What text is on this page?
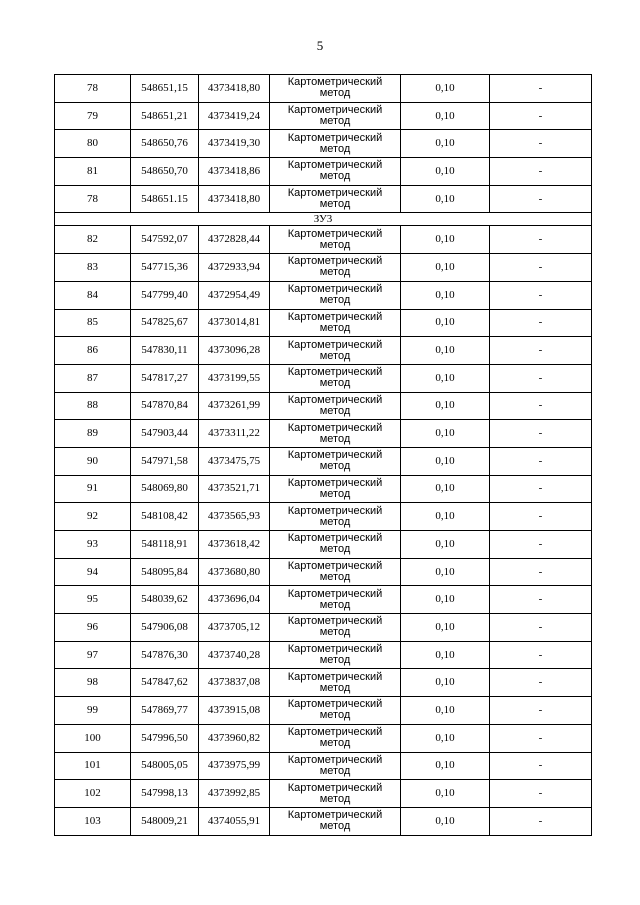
5
78	548651,15	4373418,80	Картометрический
метод	0,10	-
79	548651,21	4373419,24	Картометрический
метод	0,10	-
80	548650,76	4373419,30	Картометрический
метод	0,10	-
81	548650,70	4373418,86	Картометрический
метод	0,10	-
78	548651.15	4373418,80	Картометрический
метод	0,10	-
ЗУ3					
82	547592,07	4372828,44	Картометрический
метод	0,10	-
83	547715,36	4372933,94	Картометрический
метод	0,10	-
84	547799,40	4372954,49	Картометрический
метод	0,10	-
85	547825,67	4373014,81	Картометрический
метод	0,10	-
86	547830,11	4373096,28	Картометрический
метод	0,10	-
87	547817,27	4373199,55	Картометрический
метод	0,10	-
88	547870,84	4373261,99	Картометрический
метод	0,10	-
89	547903,44	4373311,22	Картометрический
метод	0,10	-
90	547971,58	4373475,75	Картометрический
метод	0,10	-
91	548069,80	4373521,71	Картометрический
метод	0,10	-
92	548108,42	4373565,93	Картометрический
метод	0,10	-
93	548118,91	4373618,42	Картометрический
метод	0,10	-
94	548095,84	4373680,80	Картометрический
метод	0,10	-
95	548039,62	4373696,04	Картометрический
метод	0,10	-
96	547906,08	4373705,12	Картометрический
метод	0,10	-
97	547876,30	4373740,28	Картометрический
метод	0,10	-
98	547847,62	4373837,08	Картометрический
метод	0,10	-
99	547869,77	4373915,08	Картометрический
метод	0,10	-
100	547996,50	4373960,82	Картометрический
метод	0,10	-
101	548005,05	4373975,99	Картометрический
метод	0,10	-
102	547998,13	4373992,85	Картометрический
метод	0,10	-
103	548009,21	4374055,91	Картометрический
метод	0,10	-
